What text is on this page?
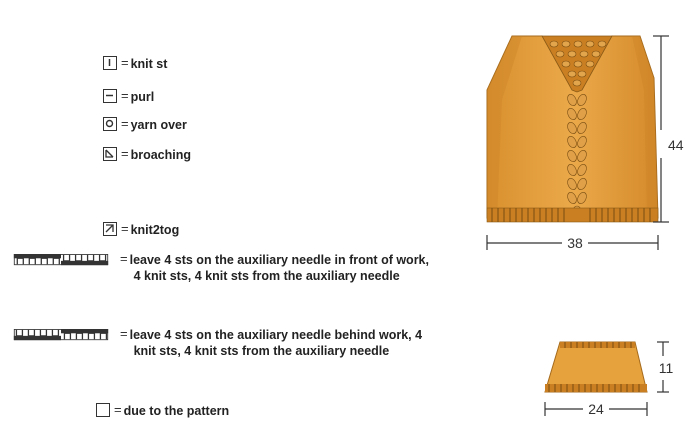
= knit st
= purl
= yarn over
= broaching
= knit2tog
= leave 4 sts on the auxiliary needle in front of work,
4 knit sts, 4 knit sts from the auxiliary needle
= leave 4 sts on the auxiliary needle behind work, 4
knit sts, 4 knit sts from the auxiliary needle
= due to the pattern
44
38
11
24
